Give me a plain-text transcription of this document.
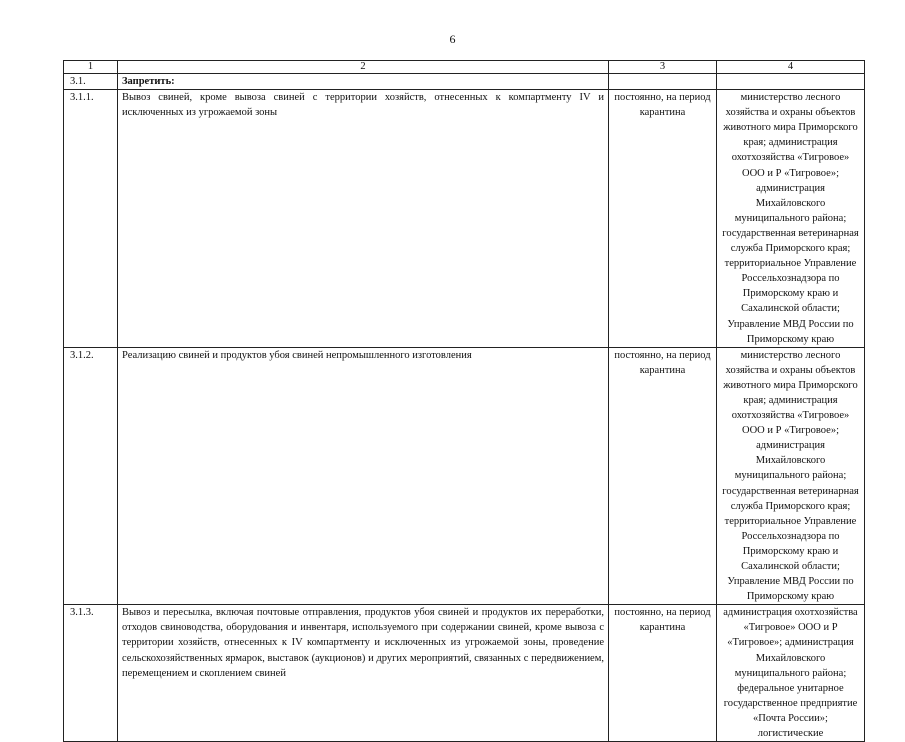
6
1	2	3	4
3.1.	Запретить:		
3.1.1.	Вывоз свиней, кроме вывоза свиней с территории хозяйств, отнесенных к компартменту IV и исключенных из угрожаемой зоны	постоянно, на период карантина	министерство лесного хозяйства и охраны объектов животного мира Приморского края; администрация охотхозяйства «Тигровое» ООО и Р «Тигровое»; администрация Михайловского муниципального района; государственная ветеринарная служба Приморского края; территориальное Управление Россельхознадзора по Приморскому краю и Сахалинской области; Управление МВД России по Приморскому краю
3.1.2.	Реализацию свиней и продуктов убоя свиней непромышленного изготовления	постоянно, на период карантина	министерство лесного хозяйства и охраны объектов животного мира Приморского края; администрация охотхозяйства «Тигровое» ООО и Р «Тигровое»; администрация Михайловского муниципального района; государственная ветеринарная служба Приморского края; территориальное Управление Россельхознадзора по Приморскому краю и Сахалинской области; Управление МВД России по Приморскому краю
3.1.3.	Вывоз и пересылка, включая почтовые отправления, продуктов убоя свиней и продуктов их переработки, отходов свиноводства, оборудования и инвентаря, используемого при содержании свиней, кроме вывоза с территории хозяйств, отнесенных к IV компартменту и исключенных из угрожаемой зоны, проведение сельскохозяйственных ярмарок, выставок (аукционов) и других мероприятий, связанных с передвижением, перемещением и скоплением свиней	постоянно, на период карантина	администрация охотхозяйства «Тигровое» ООО и Р «Тигровое»; администрация Михайловского муниципального района; федеральное унитарное государственное предприятие «Почта России»; логистические
